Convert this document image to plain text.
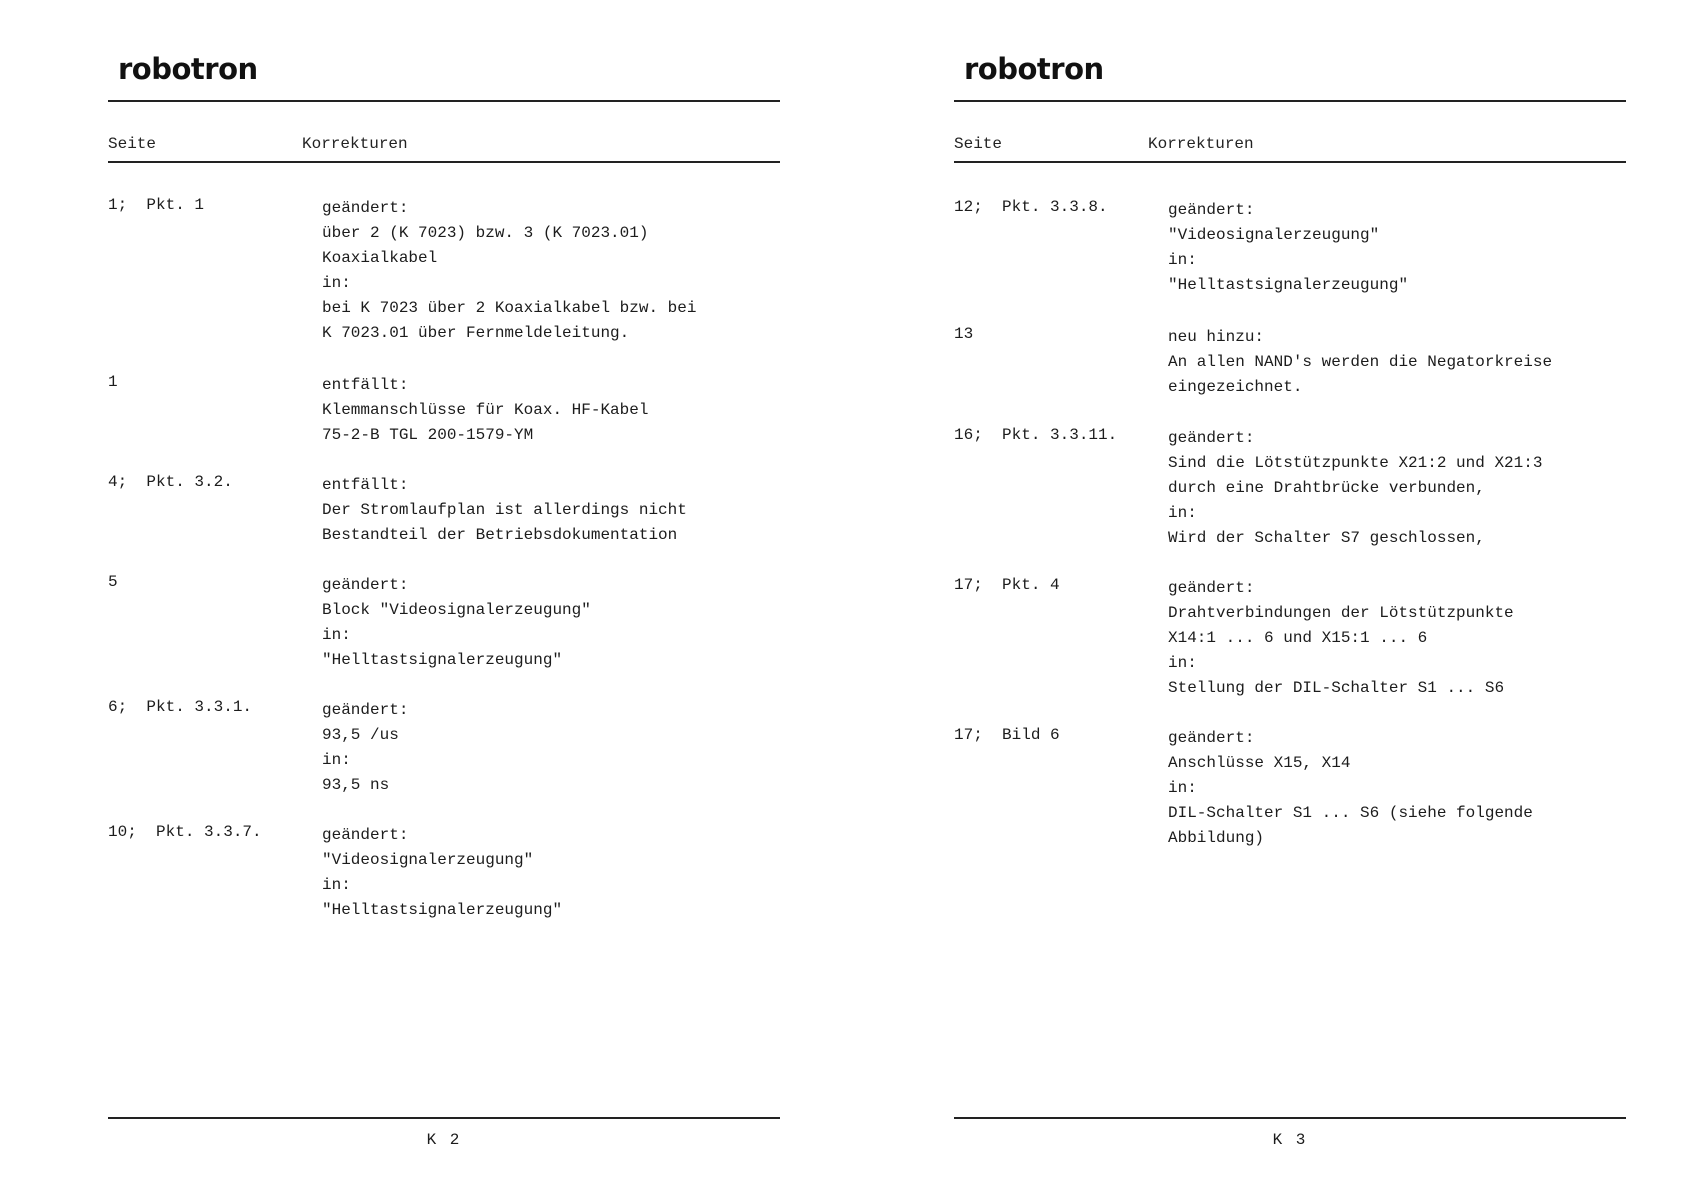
robotron
Seite	Korrekturen
1;  Pkt. 1	geändert:
über 2 (K 7023) bzw. 3 (K 7023.01)
Koaxialkabel
in:
bei K 7023 über 2 Koaxialkabel bzw. bei
K 7023.01 über Fernmeldeleitung.
1	entfällt:
Klemmanschlüsse für Koax. HF-Kabel
75-2-B TGL 200-1579-YM
4;  Pkt. 3.2.	entfällt:
Der Stromlaufplan ist allerdings nicht
Bestandteil der Betriebsdokumentation
5	geändert:
Block "Videosignalerzeugung"
in:
"Helltastsignalerzeugung"
6;  Pkt. 3.3.1.	geändert:
93,5 /us
in:
93,5 ns
10;  Pkt. 3.3.7.	geändert:
"Videosignalerzeugung"
in:
"Helltastsignalerzeugung"
K 2
robotron
Seite	Korrekturen
12;  Pkt. 3.3.8.	geändert:
"Videosignalerzeugung"
in:
"Helltastsignalerzeugung"
13	neu hinzu:
An allen NAND's werden die Negatorkreise
eingezeichnet.
16;  Pkt. 3.3.11.	geändert:
Sind die Lötstützpunkte X21:2 und X21:3
durch eine Drahtbrücke verbunden,
in:
Wird der Schalter S7 geschlossen,
17;  Pkt. 4	geändert:
Drahtverbindungen der Lötstützpunkte
X14:1 ... 6 und X15:1 ... 6
in:
Stellung der DIL-Schalter S1 ... S6
17;  Bild 6	geändert:
Anschlüsse X15, X14
in:
DIL-Schalter S1 ... S6 (siehe folgende
Abbildung)
K 3
